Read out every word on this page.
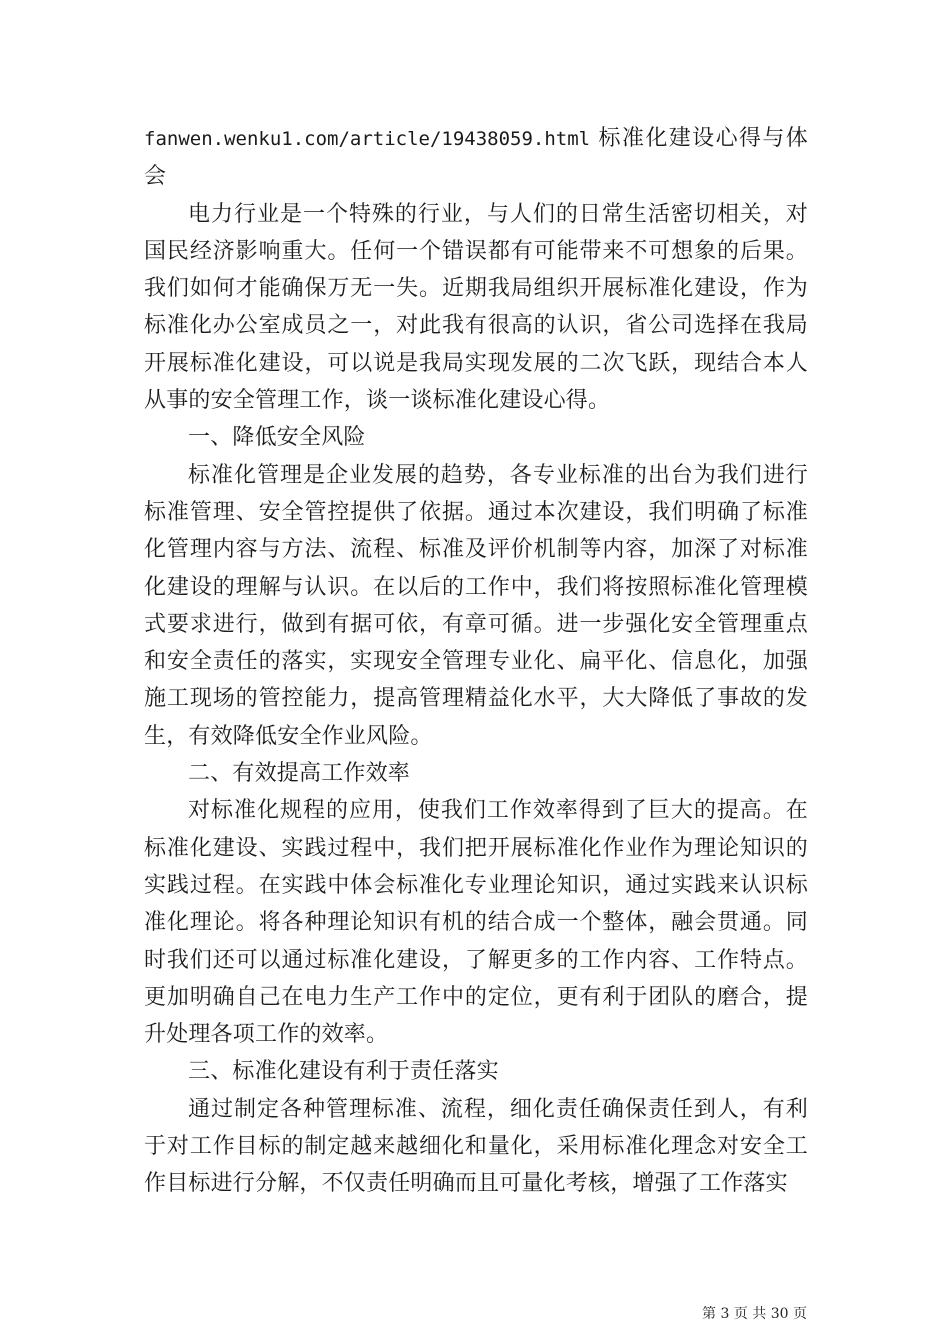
fanwen.wenku1.com/article/19438059.html 标准化建设心得与体会

电力行业是一个特殊的行业，与人们的日常生活密切相关，对国民经济影响重大。任何一个错误都有可能带来不可想象的后果。我们如何才能确保万无一失。近期我局组织开展标准化建设，作为标准化办公室成员之一，对此我有很高的认识，省公司选择在我局开展标准化建设，可以说是我局实现发展的二次飞跃，现结合本人从事的安全管理工作，谈一谈标准化建设心得。

一、降低安全风险

标准化管理是企业发展的趋势，各专业标准的出台为我们进行标准管理、安全管控提供了依据。通过本次建设，我们明确了标准化管理内容与方法、流程、标准及评价机制等内容，加深了对标准化建设的理解与认识。在以后的工作中，我们将按照标准化管理模式要求进行，做到有据可依，有章可循。进一步强化安全管理重点和安全责任的落实，实现安全管理专业化、扁平化、信息化，加强施工现场的管控能力，提高管理精益化水平，大大降低了事故的发生，有效降低安全作业风险。

二、有效提高工作效率

对标准化规程的应用，使我们工作效率得到了巨大的提高。在标准化建设、实践过程中，我们把开展标准化作业作为理论知识的实践过程。在实践中体会标准化专业理论知识，通过实践来认识标准化理论。将各种理论知识有机的结合成一个整体，融会贯通。同时我们还可以通过标准化建设，了解更多的工作内容、工作特点。更加明确自己在电力生产工作中的定位，更有利于团队的磨合，提升处理各项工作的效率。

三、标准化建设有利于责任落实

通过制定各种管理标准、流程，细化责任确保责任到人，有利于对工作目标的制定越来越细化和量化，采用标准化理念对安全工作目标进行分解，不仅责任明确而且可量化考核，增强了工作落实

第 3 页 共 30 页
